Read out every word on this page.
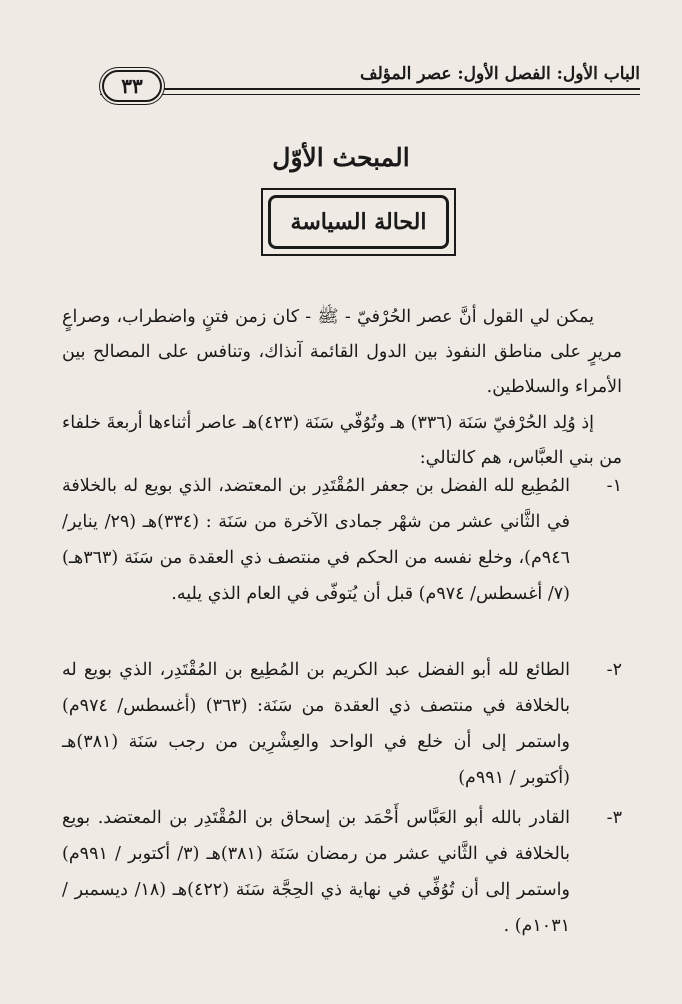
الباب الأول: الفصل الأول: عصر المؤلف
٣٣
المبحث الأوّل
الحالة السياسة

يمكن لي القول أنَّ عصر الحُرْفيّ - ﷺ - كان زمن فتنٍ واضطراب، وصراعٍ مريرٍ على مناطق النفوذ بين الدول القائمة آنذاك، وتنافس على المصالح بين الأمراء والسلاطين.

إذ وُلِد الحُرْفيّ سَنَة (٣٣٦) هـ وتُوُفّي سَنَة (٤٢٣)هـ عاصر أثناءها أربعةَ خلفاء من بني العبَّاس، هم كالتالي:

١-
المُطِيع لله الفضل بن جعفر المُقْتَدِر بن المعتضد، الذي بويع له بالخلافة في الثَّاني عشر من شهْر جمادى الآخرة من سَنَة : (٣٣٤)هـ (٢٩/ يناير/ ٩٤٦م)، وخلع نفسه من الحكم في منتصف ذي العقدة من سَنَة (٣٦٣هـ) (٧/ أغسطس/ ٩٧٤م) قبل أن يُتوفّى في العام الذي يليه.
٢-
الطائع لله أبو الفضل عبد الكريم بن المُطِيع بن المُقْتَدِر، الذي بويع له بالخلافة في منتصف ذي العقدة من سَنَة: (٣٦٣) (أغسطس/ ٩٧٤م) واستمر إلى أن خلع في الواحد والعِشْرِين من رجب سَنَة (٣٨١)هـ (أكتوبر / ٩٩١م)
٣-
القادر بالله أبو العَبَّاس أَحْمَد بن إسحاق بن المُقْتَدِر بن المعتضد. بويع بالخلافة في الثَّاني عشر من رمضان سَنَة (٣٨١)هـ (٣/ أكتوبر / ٩٩١م) واستمر إلى أن تُوُفِّي في نهاية ذي الحِجَّة سَنَة (٤٢٢)هـ (١٨/ ديسمبر / ١٠٣١م) .
